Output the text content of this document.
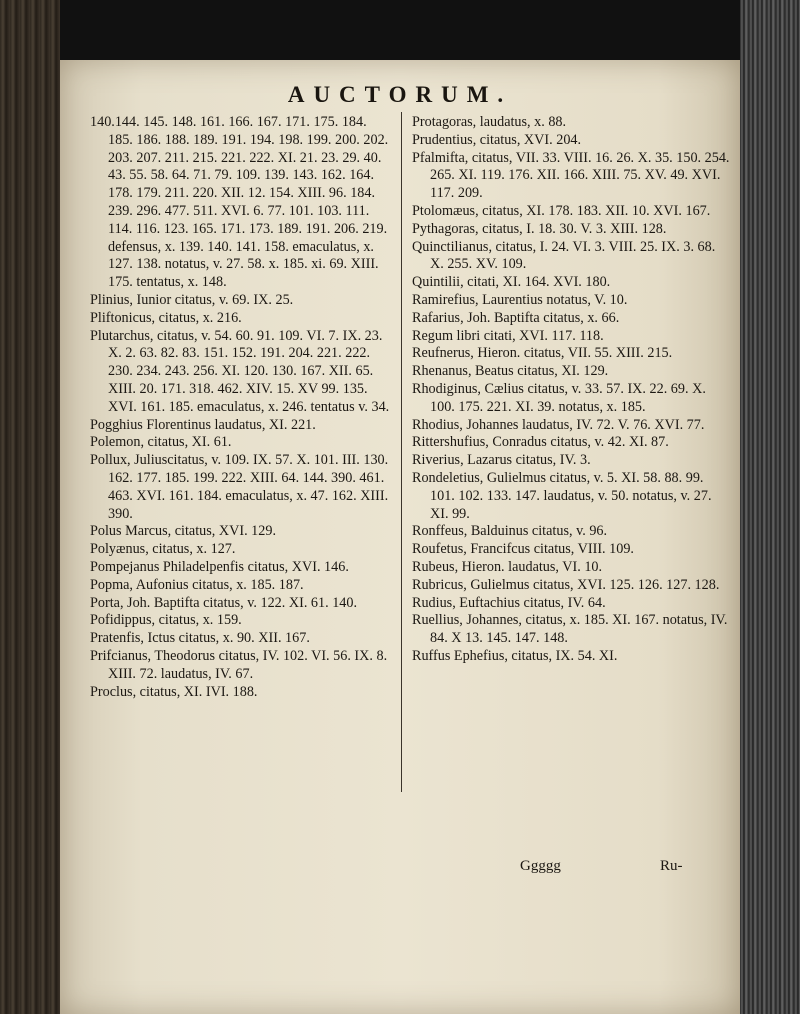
AUCTORUM.

140.144. 145. 148. 161. 166. 167. 171. 175. 184. 185. 186. 188. 189. 191. 194. 198. 199. 200. 202. 203. 207. 211. 215. 221. 222. XI. 21. 23. 29. 40. 43. 55. 58. 64. 71. 79. 109. 139. 143. 162. 164. 178. 179. 211. 220. XII. 12. 154. XIII. 96. 184. 239. 296. 477. 511. XVI. 6. 77. 101. 103. 111. 114. 116. 123. 165. 171. 173. 189. 191. 206. 219. defensus, x. 139. 140. 141. 158. emaculatus, x. 127. 138. notatus, v. 27. 58. x. 185. xi. 69. XIII. 175. tentatus, x. 148.

Plinius, Iunior citatus, v. 69. IX. 25.

Pliftonicus, citatus, x. 216.

Plutarchus, citatus, v. 54. 60. 91. 109. VI. 7. IX. 23. X. 2. 63. 82. 83. 151. 152. 191. 204. 221. 222. 230. 234. 243. 256. XI. 120. 130. 167. XII. 65. XIII. 20. 171. 318. 462. XIV. 15. XV 99. 135. XVI. 161. 185. emaculatus, x. 246. tentatus v. 34.

Pogghius Florentinus laudatus, XI. 221.

Polemon, citatus, XI. 61.

Pollux, Juliuscitatus, v. 109. IX. 57. X. 101. III. 130. 162. 177. 185. 199. 222. XIII. 64. 144. 390. 461. 463. XVI. 161. 184. emaculatus, x. 47. 162. XIII. 390.

Polus Marcus, citatus, XVI. 129.

Polyænus, citatus, x. 127.

Pompejanus Philadelpenfis citatus, XVI. 146.

Popma, Aufonius citatus, x. 185. 187.

Porta, Joh. Baptifta citatus, v. 122. XI. 61. 140.

Pofidippus, citatus, x. 159.

Pratenfis, Ictus citatus, x. 90. XII. 167.

Prifcianus, Theodorus citatus, IV. 102. VI. 56. IX. 8. XIII. 72. laudatus, IV. 67.

Proclus, citatus, XI. IVI. 188.

Protagoras, laudatus, x. 88.

Prudentius, citatus, XVI. 204.

Pfalmifta, citatus, VII. 33. VIII. 16. 26. X. 35. 150. 254. 265. XI. 119. 176. XII. 166. XIII. 75. XV. 49. XVI. 117. 209.

Ptolomæus, citatus, XI. 178. 183. XII. 10. XVI. 167.

Pythagoras, citatus, I. 18. 30. V. 3. XIII. 128.

Quinctilianus, citatus, I. 24. VI. 3. VIII. 25. IX. 3. 68. X. 255. XV. 109.

Quintilii, citati, XI. 164. XVI. 180.

Ramirefius, Laurentius notatus, V. 10.

Rafarius, Joh. Baptifta citatus, x. 66.

Regum libri citati, XVI. 117. 118.

Reufnerus, Hieron. citatus, VII. 55. XIII. 215.

Rhenanus, Beatus citatus, XI. 129.

Rhodiginus, Cælius citatus, v. 33. 57. IX. 22. 69. X. 100. 175. 221. XI. 39. notatus, x. 185.

Rhodius, Johannes laudatus, IV. 72. V. 76. XVI. 77.

Rittershufius, Conradus citatus, v. 42. XI. 87.

Riverius, Lazarus citatus, IV. 3.

Rondeletius, Gulielmus citatus, v. 5. XI. 58. 88. 99. 101. 102. 133. 147. laudatus, v. 50. notatus, v. 27. XI. 99.

Ronffeus, Balduinus citatus, v. 96.

Roufetus, Francifcus citatus, VIII. 109.

Rubeus, Hieron. laudatus, VI. 10.

Rubricus, Gulielmus citatus, XVI. 125. 126. 127. 128.

Rudius, Euftachius citatus, IV. 64.

Ruellius, Johannes, citatus, x. 185. XI. 167. notatus, IV. 84. X 13. 145. 147. 148.

Ruffus Ephefius, citatus, IX. 54. XI.

Ggggg	Ru-
